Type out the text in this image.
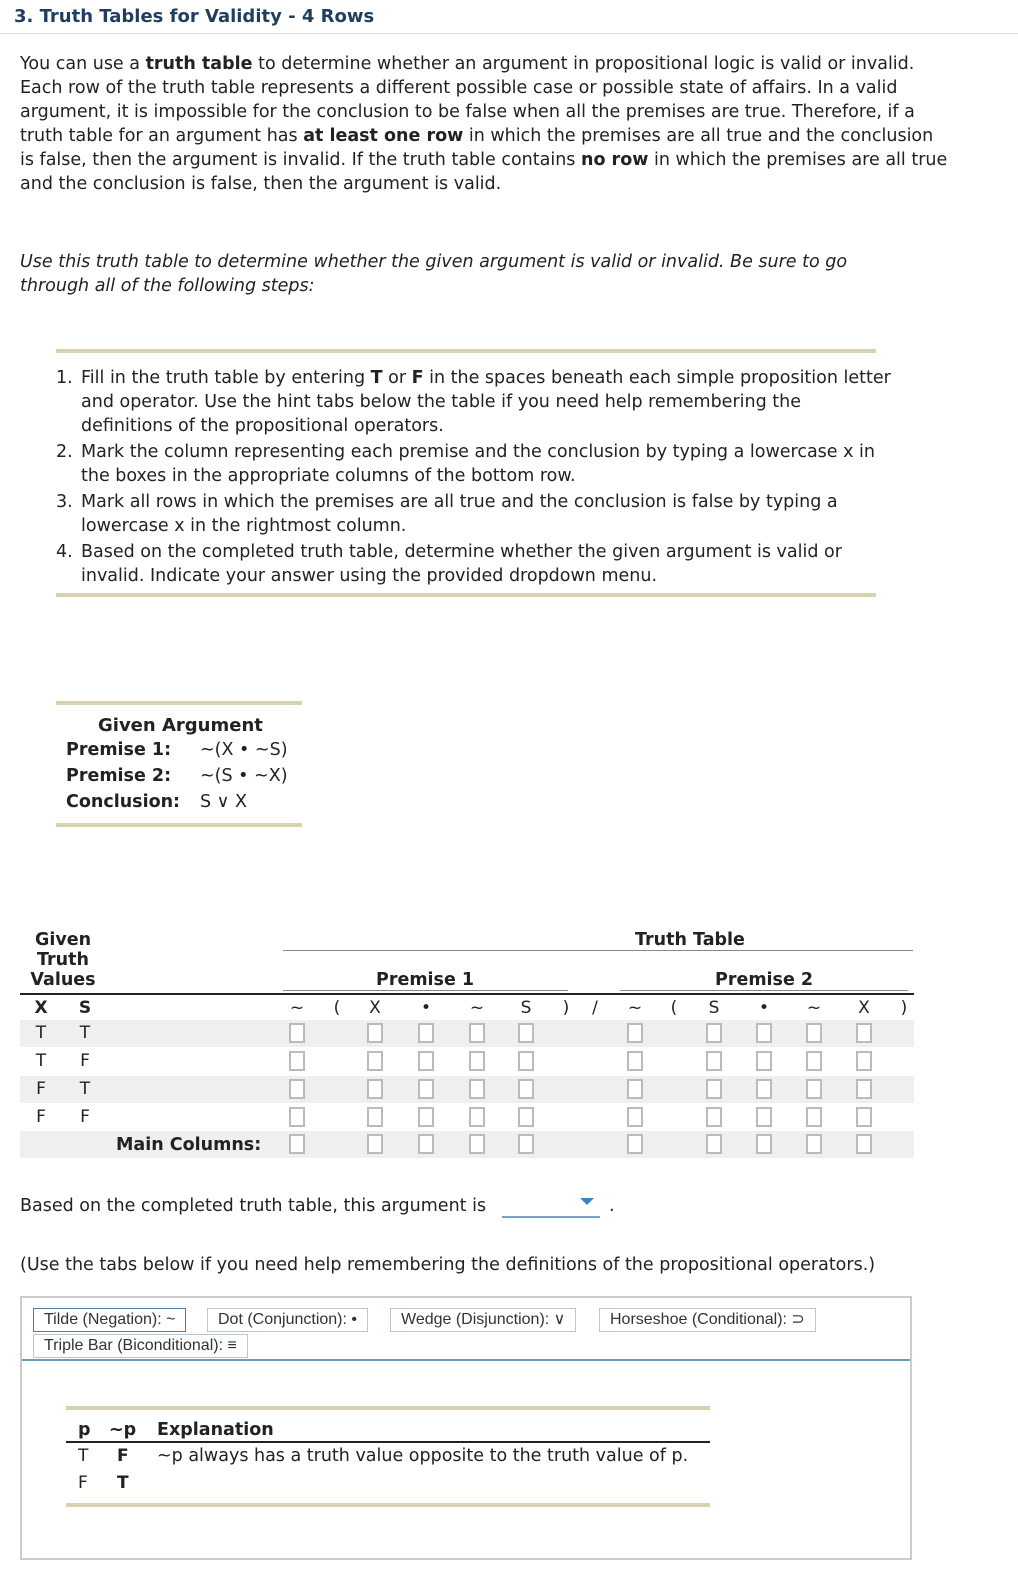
3. Truth Tables for Validity - 4 Rows
You can use a truth table to determine whether an argument in propositional logic is valid or invalid. Each row of the truth table represents a different possible case or possible state of affairs. In a valid argument, it is impossible for the conclusion to be false when all the premises are true. Therefore, if a truth table for an argument has at least one row in which the premises are all true and the conclusion is false, then the argument is invalid. If the truth table contains no row in which the premises are all true and the conclusion is false, then the argument is valid.
Use this truth table to determine whether the given argument is valid or invalid. Be sure to go through all of the following steps:
1. Fill in the truth table by entering T or F in the spaces beneath each simple proposition letter and operator. Use the hint tabs below the table if you need help remembering the definitions of the propositional operators.
2. Mark the column representing each premise and the conclusion by typing a lowercase x in the boxes in the appropriate columns of the bottom row.
3. Mark all rows in which the premises are all true and the conclusion is false by typing a lowercase x in the rightmost column.
4. Based on the completed truth table, determine whether the given argument is valid or invalid. Indicate your answer using the provided dropdown menu.
Given Argument
Premise 1: ~(X • ~S)
Premise 2: ~(S • ~X)
Conclusion: S ∨ X
Given
Truth
Values
Truth Table
Premise 1	Premise 2
X S
T T
T	F
F	T
F	F
~	(	X	•	~	S	)	/	~	(	S	•	~	X	)
Main Columns:
Based on the completed truth table, this argument is	.
(Use the tabs below if you need help remembering the definitions of the propositional operators.)
Tilde (Negation): ~	Dot (Conjunction): •	Wedge (Disjunction): ∨	Horseshoe (Conditional): ⊃
Triple Bar (Biconditional): ≡
p ~p Explanation
T F ~p always has a truth value opposite to the truth value of p.
F T
